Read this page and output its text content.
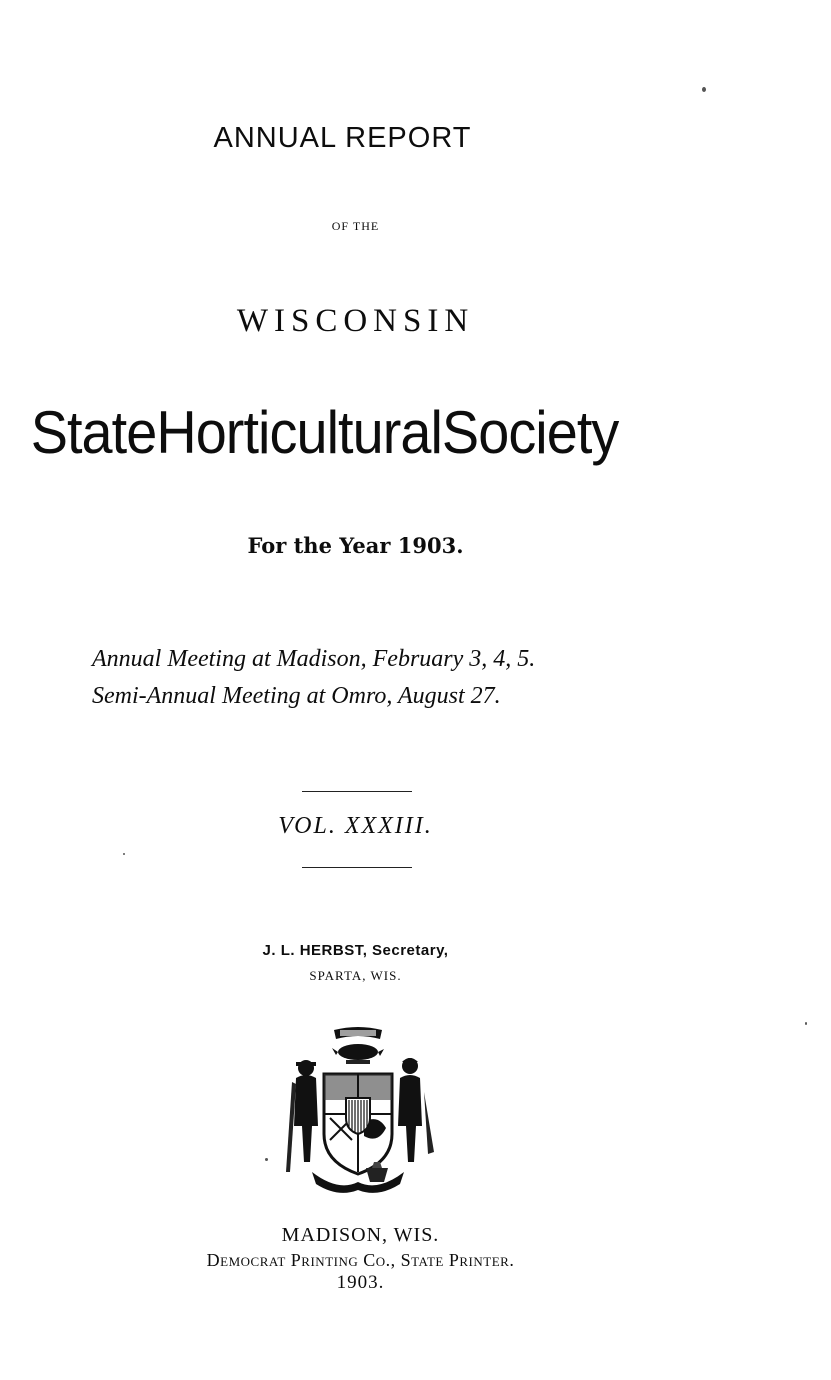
ANNUAL REPORT
OF THE
WISCONSIN
StateHorticulturalSociety
For the Year 1903.
Annual Meeting at Madison, February 3, 4, 5.
Semi-Annual Meeting at Omro, August 27.
VOL. XXXIII.
J. L. HERBST, Secretary,
SPARTA, WIS.
MADISON, WIS.
Democrat Printing Co., State Printer.
1903.
